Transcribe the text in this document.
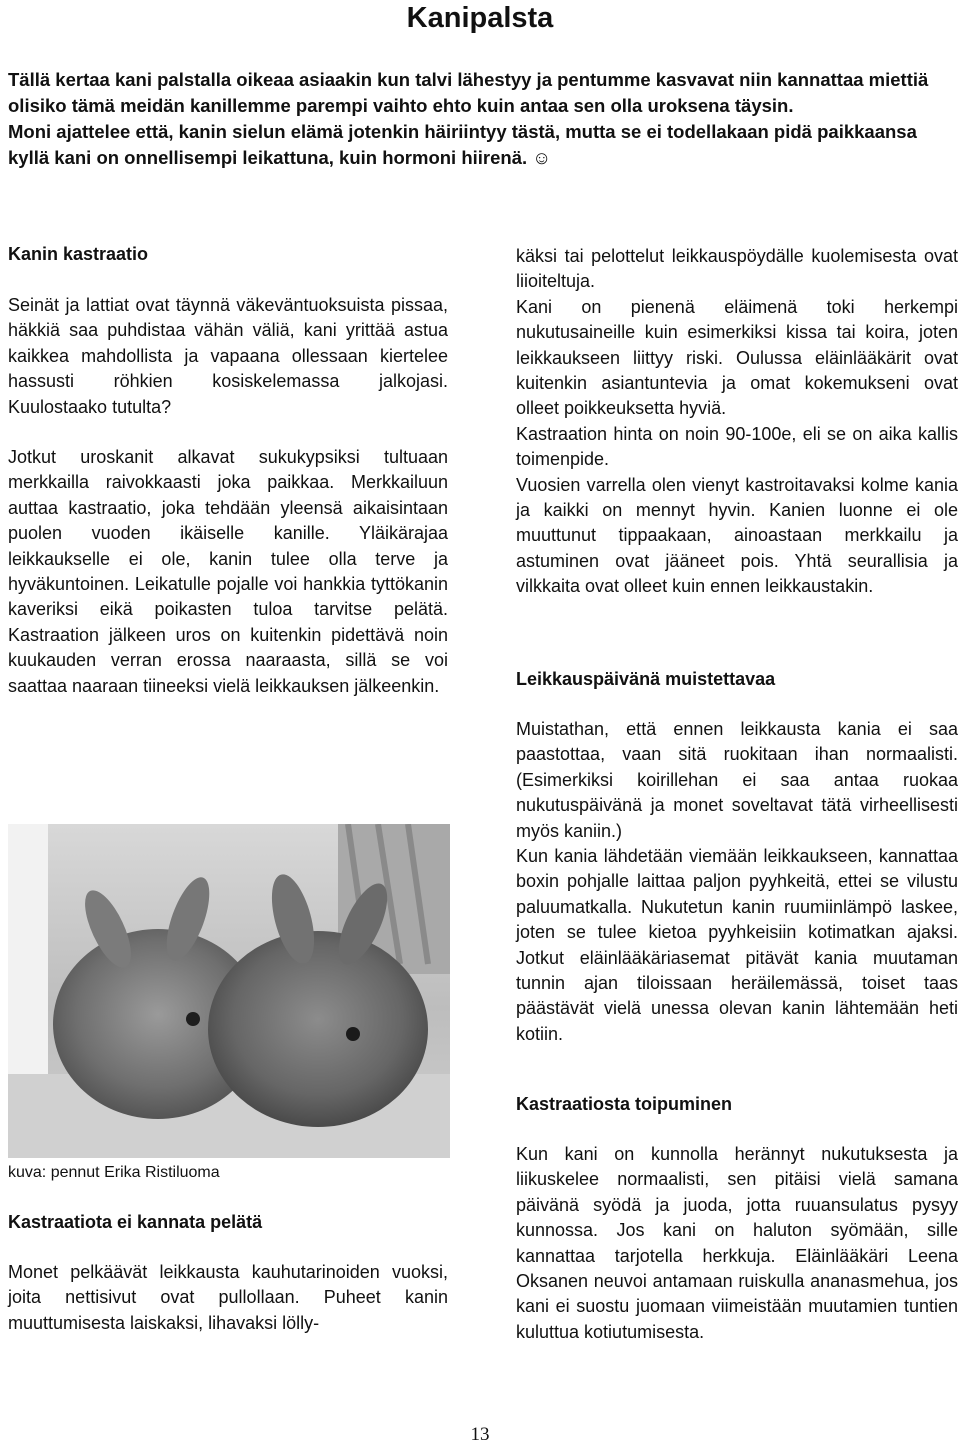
Kanipalsta

Tällä kertaa kani palstalla oikeaa asiaakin kun talvi lähestyy ja pentumme kasvavat niin kannattaa miettiä olisiko tämä meidän kanillemme parempi vaihto ehto kuin antaa sen olla uroksena täysin.

Moni ajattelee että, kanin sielun elämä jotenkin häiriintyy tästä, mutta se ei todellakaan pidä paikkaansa kyllä kani on onnellisempi leikattuna, kuin hormoni hiirenä. ☺

Kanin kastraatio

Seinät ja lattiat ovat täynnä väkeväntuoksuista pissaa, häkkiä saa puhdistaa vähän väliä, kani yrittää astua kaikkea mahdollista ja vapaana ollessaan kiertelee hassusti röhkien kosiskelemassa jalkojasi. Kuulostaako tutulta?

Jotkut uroskanit alkavat sukukypsiksi tultuaan merkkailla raivokkaasti joka paikkaa. Merkkailuun auttaa kastraatio, joka tehdään yleensä aikaisintaan puolen vuoden ikäiselle kanille. Yläikärajaa leikkaukselle ei ole, kanin tulee olla terve ja hyväkuntoinen. Leikatulle pojalle voi hankkia tyttökanin kaveriksi eikä poikasten tuloa tarvitse pelätä. Kastraation jälkeen uros on kuitenkin pidettävä noin kuukauden verran erossa naaraasta, sillä se voi saattaa naaraan tiineeksi vielä leikkauksen jälkeenkin.

kuva: pennut Erika Ristiluoma
Kastraatiota ei kannata pelätä

Monet pelkäävät leikkausta kauhutarinoiden vuoksi, joita nettisivut ovat pullollaan. Puheet kanin muuttumisesta laiskaksi, lihavaksi lölly-

käksi tai pelottelut leikkauspöydälle kuolemisesta ovat liioiteltuja.

Kani on pienenä eläimenä toki herkempi nukutusaineille kuin esimerkiksi kissa tai koira, joten leikkaukseen liittyy riski. Oulussa eläinlääkärit ovat kuitenkin asiantuntevia ja omat kokemukseni ovat olleet poikkeuksetta hyviä.

Kastraation hinta on noin 90-100e, eli se on aika kallis toimenpide.

Vuosien varrella olen vienyt kastroitavaksi kolme kania ja kaikki on mennyt hyvin. Kanien luonne ei ole muuttunut tippaakaan, ainoastaan merkkailu ja astuminen ovat jääneet pois. Yhtä seurallisia ja vilkkaita ovat olleet kuin ennen leikkaustakin.

Leikkauspäivänä muistettavaa

Muistathan, että ennen leikkausta kania ei saa paastottaa, vaan sitä ruokitaan ihan normaalisti. (Esimerkiksi koirillehan ei saa antaa ruokaa nukutuspäivänä ja monet soveltavat tätä virheellisesti myös kaniin.)

Kun kania lähdetään viemään leikkaukseen, kannattaa boxin pohjalle laittaa paljon pyyhkeitä, ettei se vilustu paluumatkalla. Nukutetun kanin ruumiinlämpö laskee, joten se tulee kietoa pyyhkeisiin kotimatkan ajaksi. Jotkut eläinlääkäriasemat pitävät kania muutaman tunnin ajan tiloissaan heräilemässä, toiset taas päästävät vielä unessa olevan kanin lähtemään heti kotiin.

Kastraatiosta toipuminen

Kun kani on kunnolla herännyt nukutuksesta ja liikuskelee normaalisti, sen pitäisi vielä samana päivänä syödä ja juoda, jotta ruuansulatus pysyy kunnossa. Jos kani on haluton syömään, sille kannattaa tarjotella herkkuja. Eläinlääkäri Leena Oksanen neuvoi antamaan ruiskulla ananasmehua, jos kani ei suostu juomaan viimeistään muutamien tuntien kuluttua kotiutumisesta.

13
